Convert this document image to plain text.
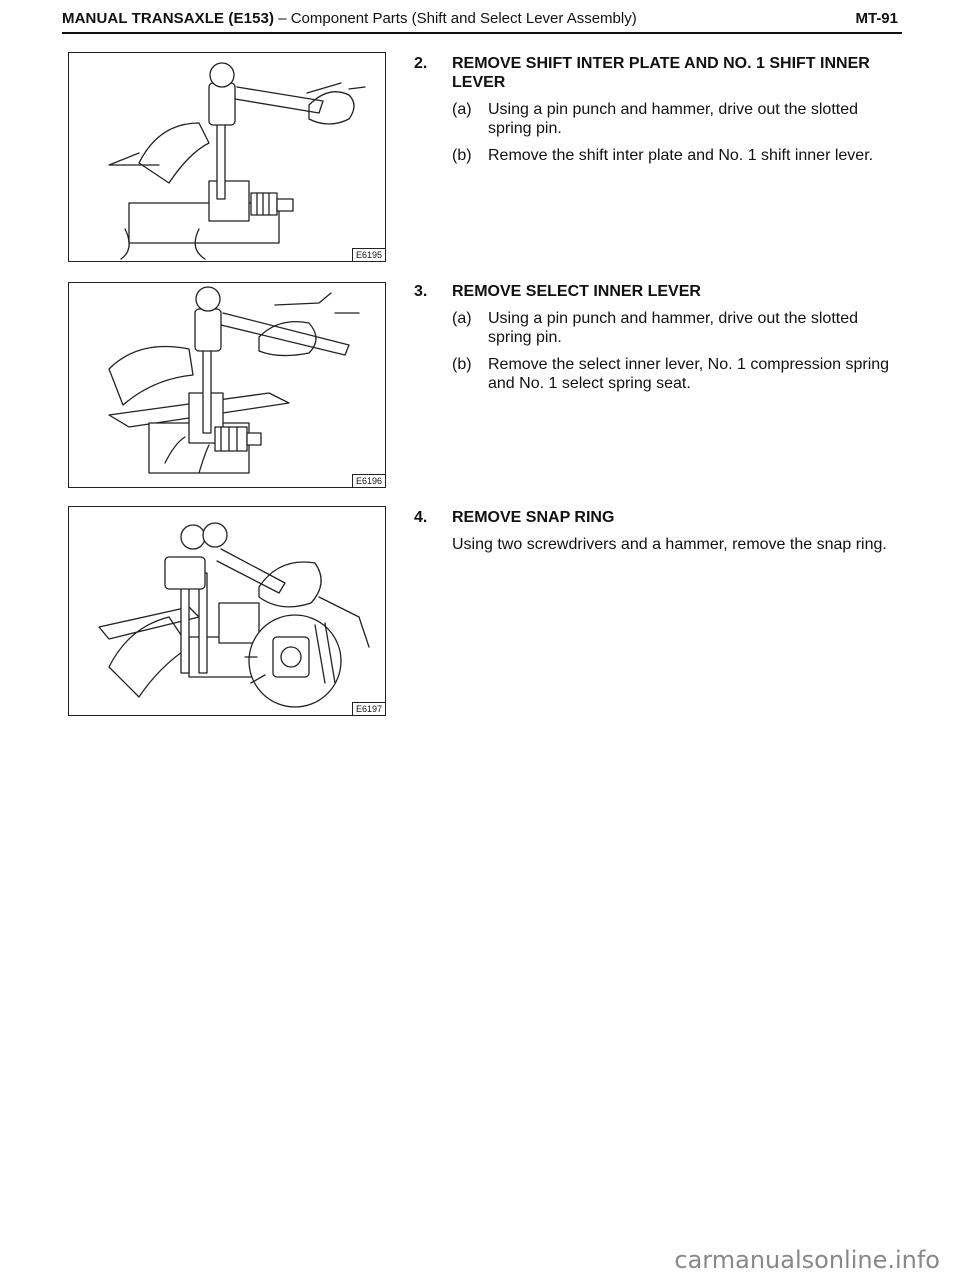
MANUAL TRANSAXLE (E153) – Component Parts (Shift and Select Lever Assembly)	MT-91
E6195
E6196
E6197
2. REMOVE SHIFT INTER PLATE AND NO. 1 SHIFT INNER LEVER
(a) Using a pin punch and hammer, drive out the slotted spring pin.
(b) Remove the shift inter plate and No. 1 shift inner lever.
3. REMOVE SELECT INNER LEVER
(a) Using a pin punch and hammer, drive out the slotted spring pin.
(b) Remove the select inner lever, No. 1 compression spring and No. 1 select spring seat.
4. REMOVE SNAP RING
Using two screwdrivers and a hammer, remove the snap ring.
carmanualsonline.info
